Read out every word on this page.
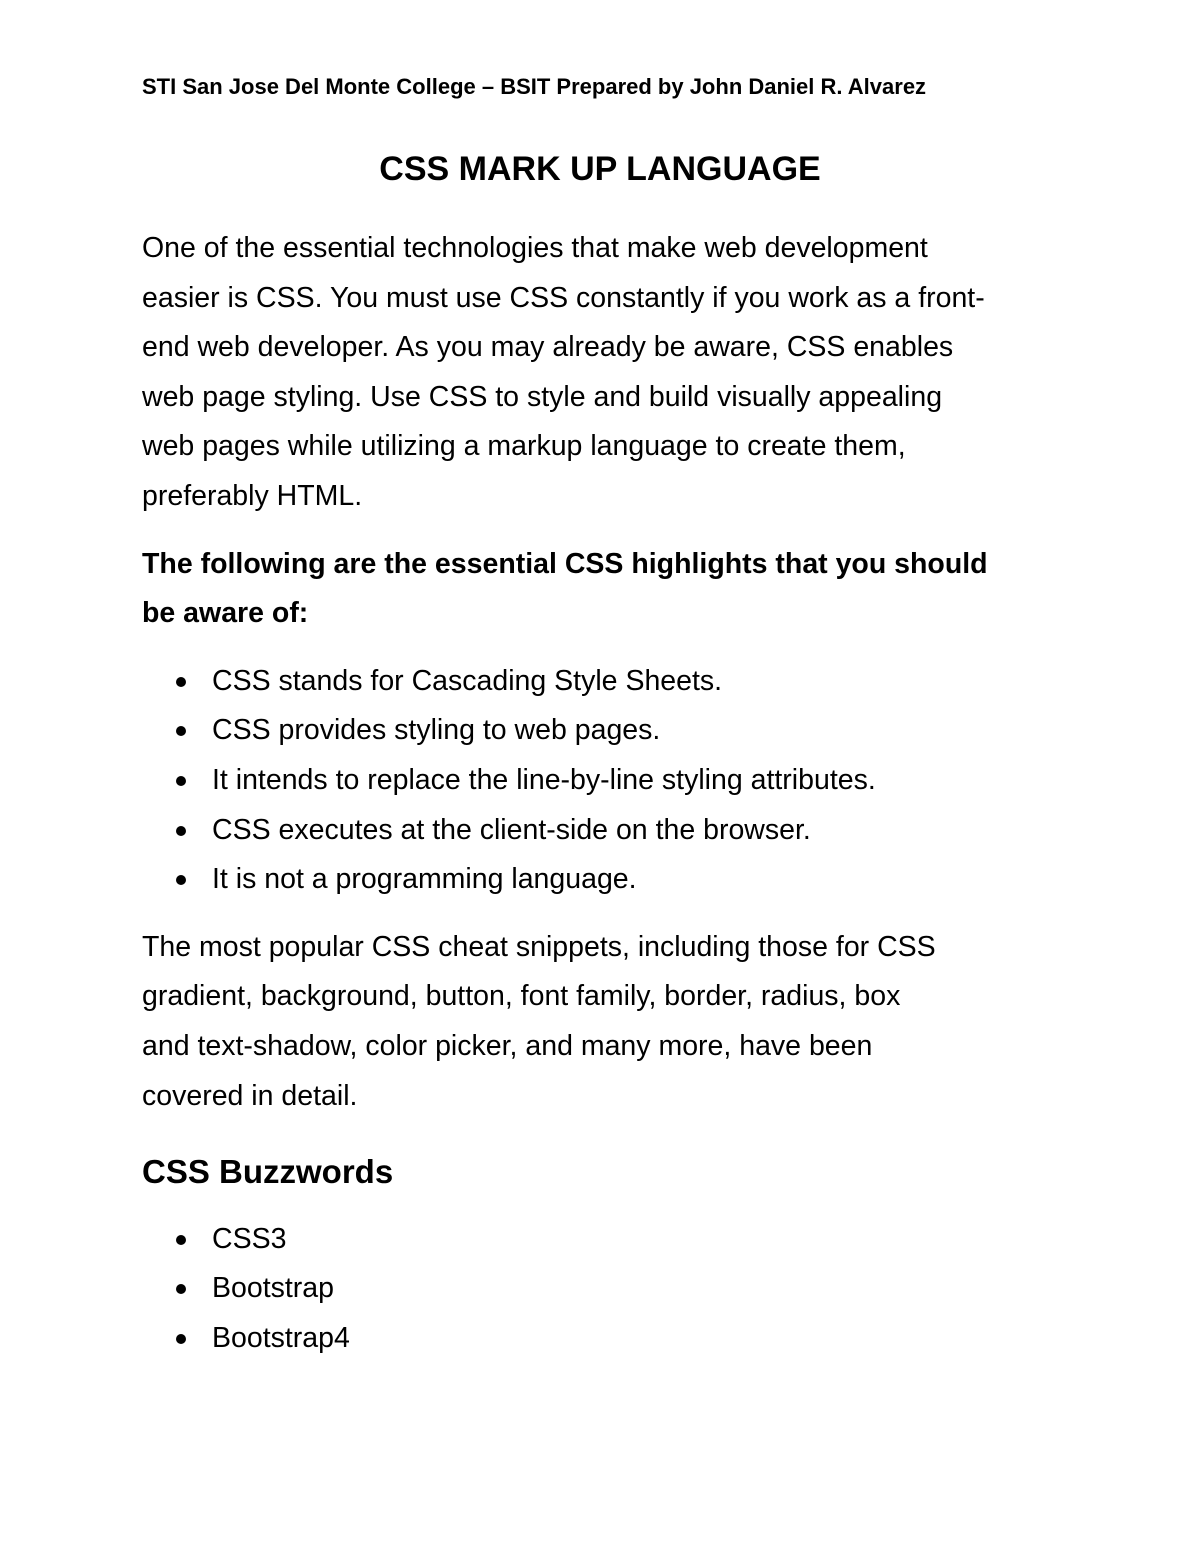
STI San Jose Del Monte College – BSIT Prepared by John Daniel R. Alvarez
CSS MARK UP LANGUAGE

One of the essential technologies that make web development
easier is CSS. You must use CSS constantly if you work as a front-
end web developer. As you may already be aware, CSS enables
web page styling. Use CSS to style and build visually appealing
web pages while utilizing a markup language to create them,
preferably HTML.

The following are the essential CSS highlights that you should
be aware of:

CSS stands for Cascading Style Sheets.
CSS provides styling to web pages.
It intends to replace the line-by-line styling attributes.
CSS executes at the client-side on the browser.
It is not a programming language.

The most popular CSS cheat snippets, including those for CSS
gradient, background, button, font family, border, radius, box
and text-shadow, color picker, and many more, have been
covered in detail.

CSS Buzzwords
CSS3
Bootstrap
Bootstrap4
